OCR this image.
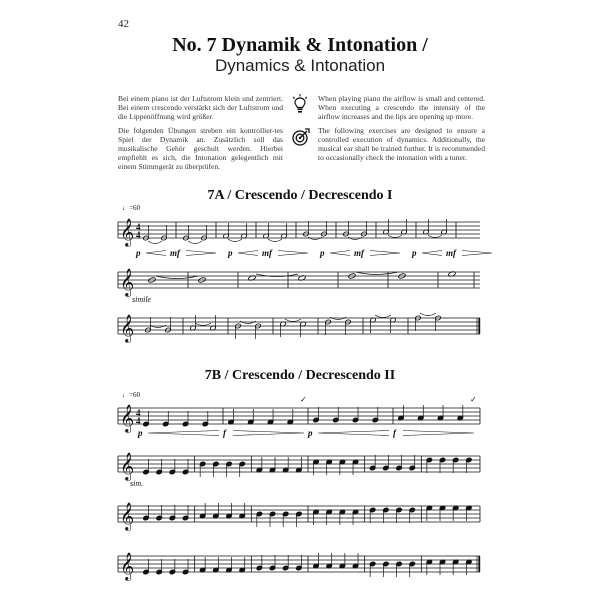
42
No. 7 Dynamik & Intonation /
Dynamics & Intonation

Bei einem piano ist der Luftstrom klein und zentriert. Bei einem crescendo verstärkt sich der Luftstrom und die Lippenöffnung wird größer.

Die folgenden Übungen streben ein kontrollier-tes Spiel der Dynamik an. Zusätzlich soll das musikalische Gehör geschult werden. Hierbei empfiehlt es sich, die Intonation gelegentlich mit einem Stimmgerät zu überprüfen.

When playing piano the airflow is small and centered. When executing a crescendo the intensity of the airflow increases and the lips are opening up more.

The following exercises are designed to ensure a controlled execution of dynamics. Additionally, the musical ear shall be trained further. It is recommended to occasionally check the intonation with a tuner.

7A / Crescendo / Decrescendo I
7B / Crescendo / Decrescendo II
♩=60
𝄞
𝄞
𝄞
4
4
p	mf	p	mf	p	mf	p	mf
simile
♩=60
𝄞
𝄞
𝄞
𝄞
4
4
✓	✓
p	f	p	f
sim.
